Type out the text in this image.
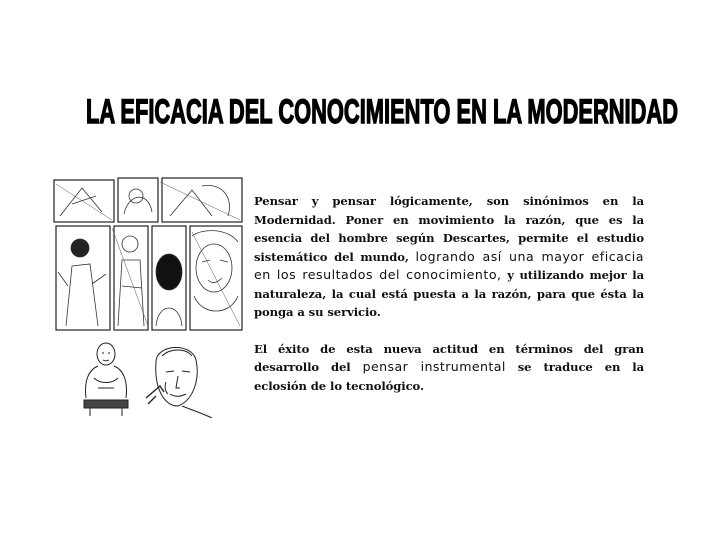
LA EFICACIA DEL CONOCIMIENTO EN LA MODERNIDAD

Pensar y pensar lógicamente, son sinónimos en la Modernidad. Poner en movimiento la razón, que es la esencia del hombre según Descartes, permite el estudio sistemático del mundo, logrando así una mayor eficacia en los resultados del conocimiento, y utilizando mejor la naturaleza, la cual está puesta a la razón, para que ésta la ponga a su servicio.

El éxito de esta nueva actitud en términos del gran desarrollo del pensar instrumental se traduce en la eclosión de lo tecnológico.
